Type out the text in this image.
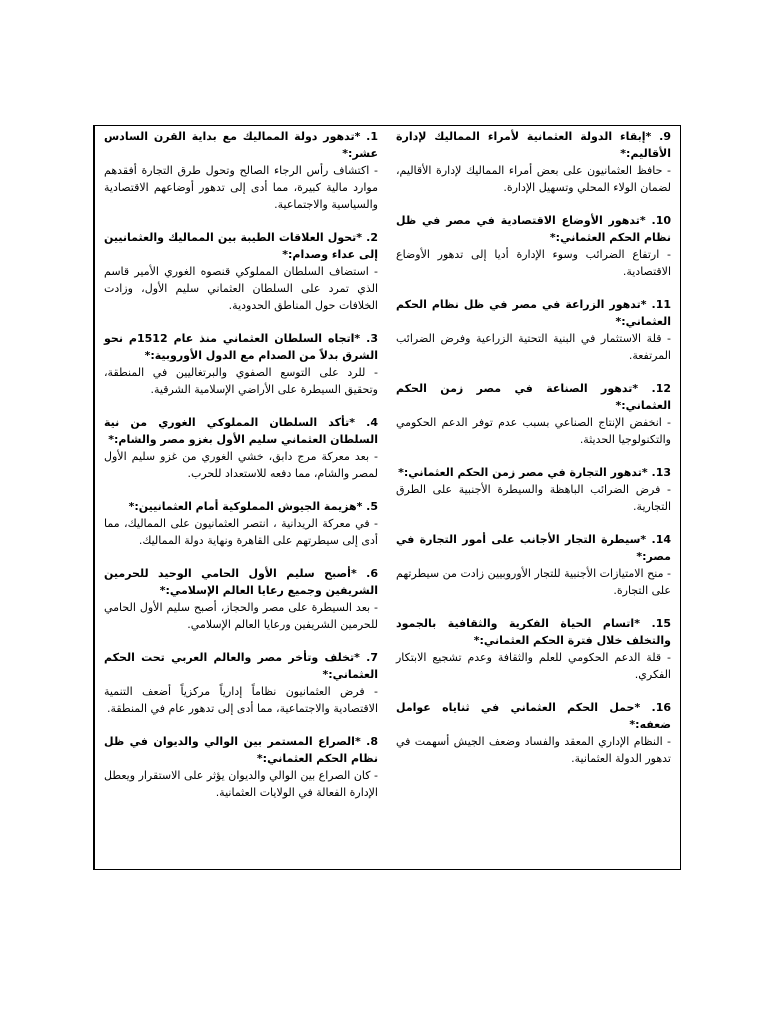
1. *تدهور دولة المماليك مع بداية القرن السادس عشر:*

- اكتشاف رأس الرجاء الصالح وتحول طرق التجارة أفقدهم موارد مالية كبيرة، مما أدى إلى تدهور أوضاعهم الاقتصادية والسياسية والاجتماعية.

2. *تحول العلاقات الطيبة بين المماليك والعثمانيين إلى عداء وصدام:*

- استضاف السلطان المملوكي قنصوه الغوري الأمير قاسم الذي تمرد على السلطان العثماني سليم الأول، وزادت الخلافات حول المناطق الحدودية.

3. *اتجاه السلطان العثماني منذ عام 1512م نحو الشرق بدلاً من الصدام مع الدول الأوروبية:*

- للرد على التوسع الصفوي والبرتغاليين في المنطقة، وتحقيق السيطرة على الأراضي الإسلامية الشرقية.

4. *تأكد السلطان المملوكي الغوري من نية السلطان العثماني سليم الأول بغزو مصر والشام:*

- بعد معركة مرج دابق، خشي الغوري من غزو سليم الأول لمصر والشام، مما دفعه للاستعداد للحرب.

5. *هزيمة الجيوش المملوكية أمام العثمانيين:*

- في معركة الريدانية ، انتصر العثمانيون على المماليك، مما أدى إلى سيطرتهم على القاهرة ونهاية دولة المماليك.

6. *أصبح سليم الأول الحامي الوحيد للحرمين الشريفين وجميع رعايا العالم الإسلامي:*

- بعد السيطرة على مصر والحجاز، أصبح سليم الأول الحامي للحرمين الشريفين ورعايا العالم الإسلامي.

7. *تخلف وتأخر مصر والعالم العربي تحت الحكم العثماني:*

- فرض العثمانيون نظاماً إدارياً مركزياً أضعف التنمية الاقتصادية والاجتماعية، مما أدى إلى تدهور عام في المنطقة.

8. *الصراع المستمر بين الوالي والديوان في ظل نظام الحكم العثماني:*

- كان الصراع بين الوالي والديوان يؤثر على الاستقرار ويعطل الإدارة الفعالة في الولايات العثمانية.

9. *إبقاء الدولة العثمانية لأمراء المماليك لإدارة الأقاليم:*

- حافظ العثمانيون على بعض أمراء المماليك لإدارة الأقاليم، لضمان الولاء المحلي وتسهيل الإدارة.

10. *تدهور الأوضاع الاقتصادية في مصر في ظل نظام الحكم العثماني:*

- ارتفاع الضرائب وسوء الإدارة أديا إلى تدهور الأوضاع الاقتصادية.

11. *تدهور الزراعة في مصر في ظل نظام الحكم العثماني:*

- قلة الاستثمار في البنية التحتية الزراعية وفرض الضرائب المرتفعة.

12. *تدهور الصناعة في مصر زمن الحكم العثماني:*

- انخفض الإنتاج الصناعي بسبب عدم توفر الدعم الحكومي والتكنولوجيا الحديثة.

13. *تدهور التجارة في مصر زمن الحكم العثماني:*

- فرض الضرائب الباهظة والسيطرة الأجنبية على الطرق التجارية.

14. *سيطرة التجار الأجانب على أمور التجارة في مصر:*

- منح الامتيازات الأجنبية للتجار الأوروبيين زادت من سيطرتهم على التجارة.

15. *اتسام الحياة الفكرية والثقافية بالجمود والتخلف خلال فترة الحكم العثماني:*

- قلة الدعم الحكومي للعلم والثقافة وعدم تشجيع الابتكار الفكري.

16. *حمل الحكم العثماني في ثناياه عوامل ضعفه:*

- النظام الإداري المعقد والفساد وضعف الجيش أسهمت في تدهور الدولة العثمانية.
